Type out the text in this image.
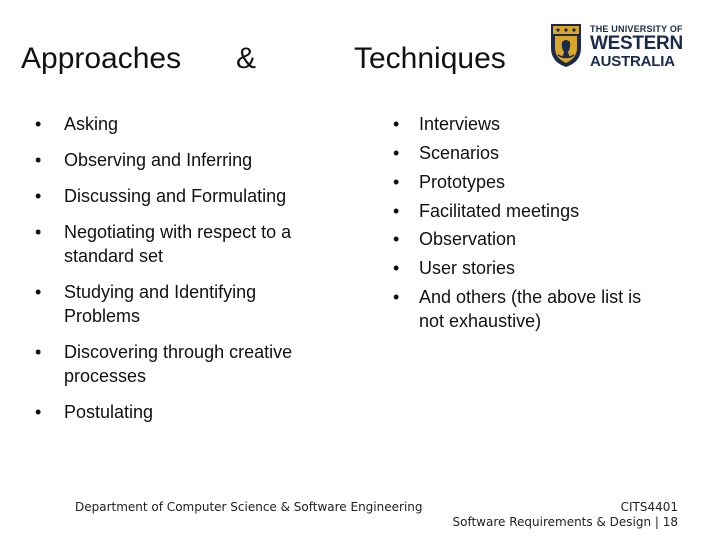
Approaches &	Techniques
THE UNIVERSITY OF
WESTERN
AUSTRALIA
•	Asking
•	Observing and Inferring
•	Discussing and Formulating
•	Negotiating with respect to a
standard set
•	Studying and Identifying
Problems
•	Discovering through creative
processes
•	Postulating
•	Interviews
•	Scenarios
•	Prototypes
•	Facilitated meetings
•	Observation
•	User stories
•	And others (the above list is
not exhaustive)
Department of Computer Science & Software Engineering	CITS4401
Software Requirements & Design | 18
